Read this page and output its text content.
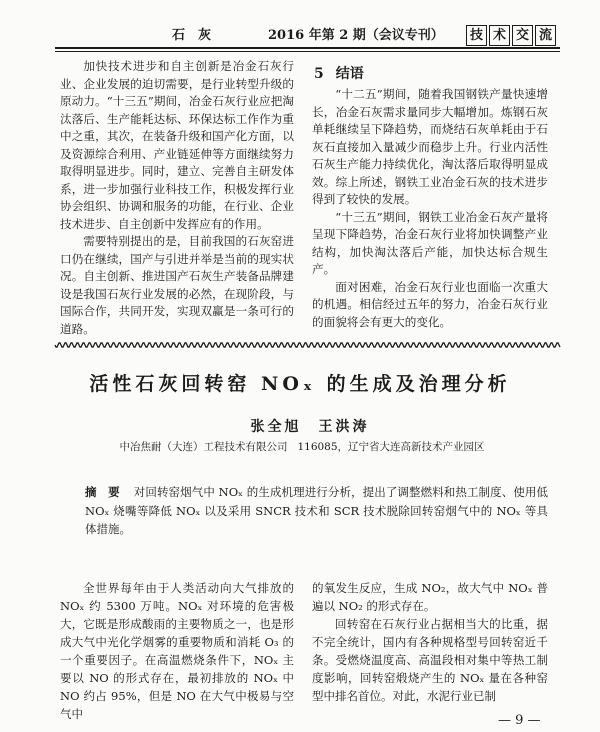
石　灰	2016 年第 2 期（会议专刊）	技 术 交 流

加快技术进步和自主创新是冶金石灰行业、企业发展的迫切需要，是行业转型升级的原动力。“十三五”期间，冶金石灰行业应把淘汰落后、生产能耗达标、环保达标工作作为重中之重，其次，在装备升级和国产化方面，以及资源综合利用、产业链延伸等方面继续努力取得明显进步。同时，建立、完善自主研发体系，进一步加强行业科技工作，积极发挥行业协会组织、协调和服务的功能，在行业、企业技术进步、自主创新中发挥应有的作用。

需要特别提出的是，目前我国的石灰窑进口仍在继续，国产与引进并举是当前的现实状况。自主创新、推进国产石灰生产装备品牌建设是我国石灰行业发展的必然，在现阶段，与国际合作，共同开发，实现双赢是一条可行的道路。

5 结语

“十二五”期间，随着我国钢铁产量快速增长，冶金石灰需求量同步大幅增加。炼钢石灰单耗继续呈下降趋势，而烧结石灰单耗由于石灰石直接加入量减少而稳步上升。行业内活性石灰生产能力持续优化，淘汰落后取得明显成效。综上所述，钢铁工业冶金石灰的技术进步得到了较快的发展。

“十三五”期间，钢铁工业冶金石灰产量将呈现下降趋势，冶金石灰行业将加快调整产业结构，加快淘汰落后产能，加快达标合规生产。

面对困难，冶金石灰行业也面临一次重大的机遇。相信经过五年的努力，冶金石灰行业的面貌将会有更大的变化。

活性石灰回转窑 NOₓ 的生成及治理分析
张全旭　王洪涛
中冶焦耐（大连）工程技术有限公司 116085，辽宁省大连高新技术产业园区
摘　要 对回转窑烟气中 NOₓ 的生成机理进行分析，提出了调整燃料和热工制度、使用低 NOₓ 烧嘴等降低 NOₓ 以及采用 SNCR 技术和 SCR 技术脱除回转窑烟气中的 NOₓ 等具体措施。

全世界每年由于人类活动向大气排放的 NOₓ 约 5300 万吨。NOₓ 对环境的危害极大，它既是形成酸雨的主要物质之一，也是形成大气中光化学烟雾的重要物质和消耗 O₃ 的一个重要因子。在高温燃烧条件下，NOₓ 主要以 NO 的形式存在，最初排放的 NOₓ 中 NO 约占 95%，但是 NO 在大气中极易与空气中

的氧发生反应，生成 NO₂，故大气中 NOₓ 普遍以 NO₂ 的形式存在。

回转窑在石灰行业占据相当大的比重，据不完全统计，国内有各种规格型号回转窑近千条。受燃烧温度高、高温段相对集中等热工制度影响，回转窑煅烧产生的 NOₓ 量在各种窑型中排名首位。对此，水泥行业已制

— 9 —
